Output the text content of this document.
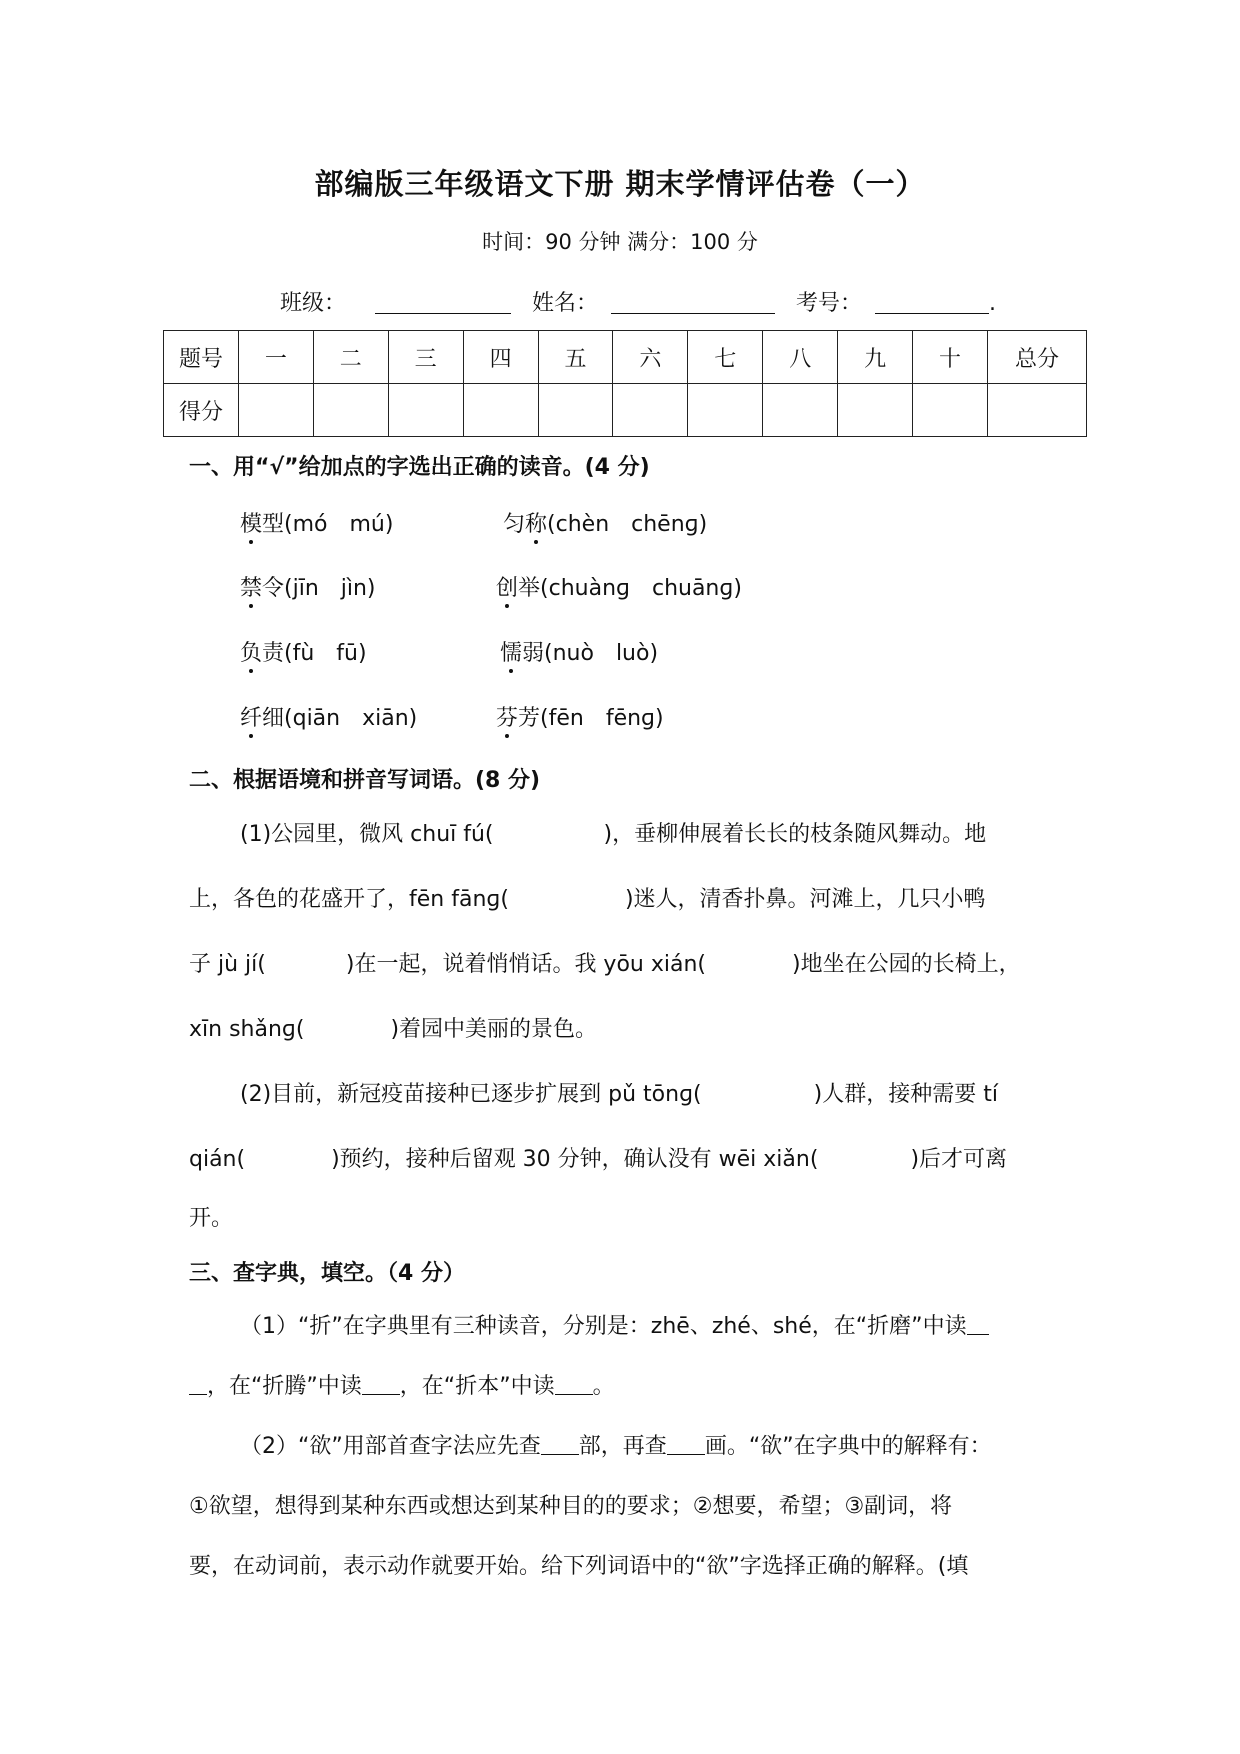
部编版三年级语文下册 期末学情评估卷（一）
时间：90 分钟 满分：100 分
班级：	姓名：	考号：	.
题号	一	二	三	四	五	六	七	八	九	十	总分
得分											
一、用“√”给加点的字选出正确的读音。(4 分)
模型(mó　mú)	匀称(chèn　chēnɡ)
禁令(jīn　jìn)	创举(chuànɡ　chuānɡ)
负责(fù　fū)	懦弱(nuò　luò)
纤细(qiān　xiān)	芬芳(fēn　fēnɡ)
二、根据语境和拼音写词语。(8 分)
(1)公园里，微风 chuī fú(	)，垂柳伸展着长长的枝条随风舞动。地
上，各色的花盛开了，fēn fānɡ(	)迷人，清香扑鼻。河滩上，几只小鸭
子 jù jí(	)在一起，说着悄悄话。我 yōu xián(	)地坐在公园的长椅上，
xīn shǎnɡ(	)着园中美丽的景色。
(2)目前，新冠疫苗接种已逐步扩展到 pǔ tōnɡ(	)人群，接种需要 tí
qián(	)预约，接种后留观 30 分钟，确认没有 wēi xiǎn(	)后才可离
开。
三、查字典，填空。（4 分）
（1）“折”在字典里有三种读音，分别是：zhē、zhé、shé，在“折磨”中读
，在“折腾”中读 ，在“折本”中读 。
（2）“欲”用部首查字法应先查 部，再查 画。“欲”在字典中的解释有：
①欲望，想得到某种东西或想达到某种目的的要求；②想要，希望；③副词，将
要，在动词前，表示动作就要开始。给下列词语中的“欲”字选择正确的解释。(填
